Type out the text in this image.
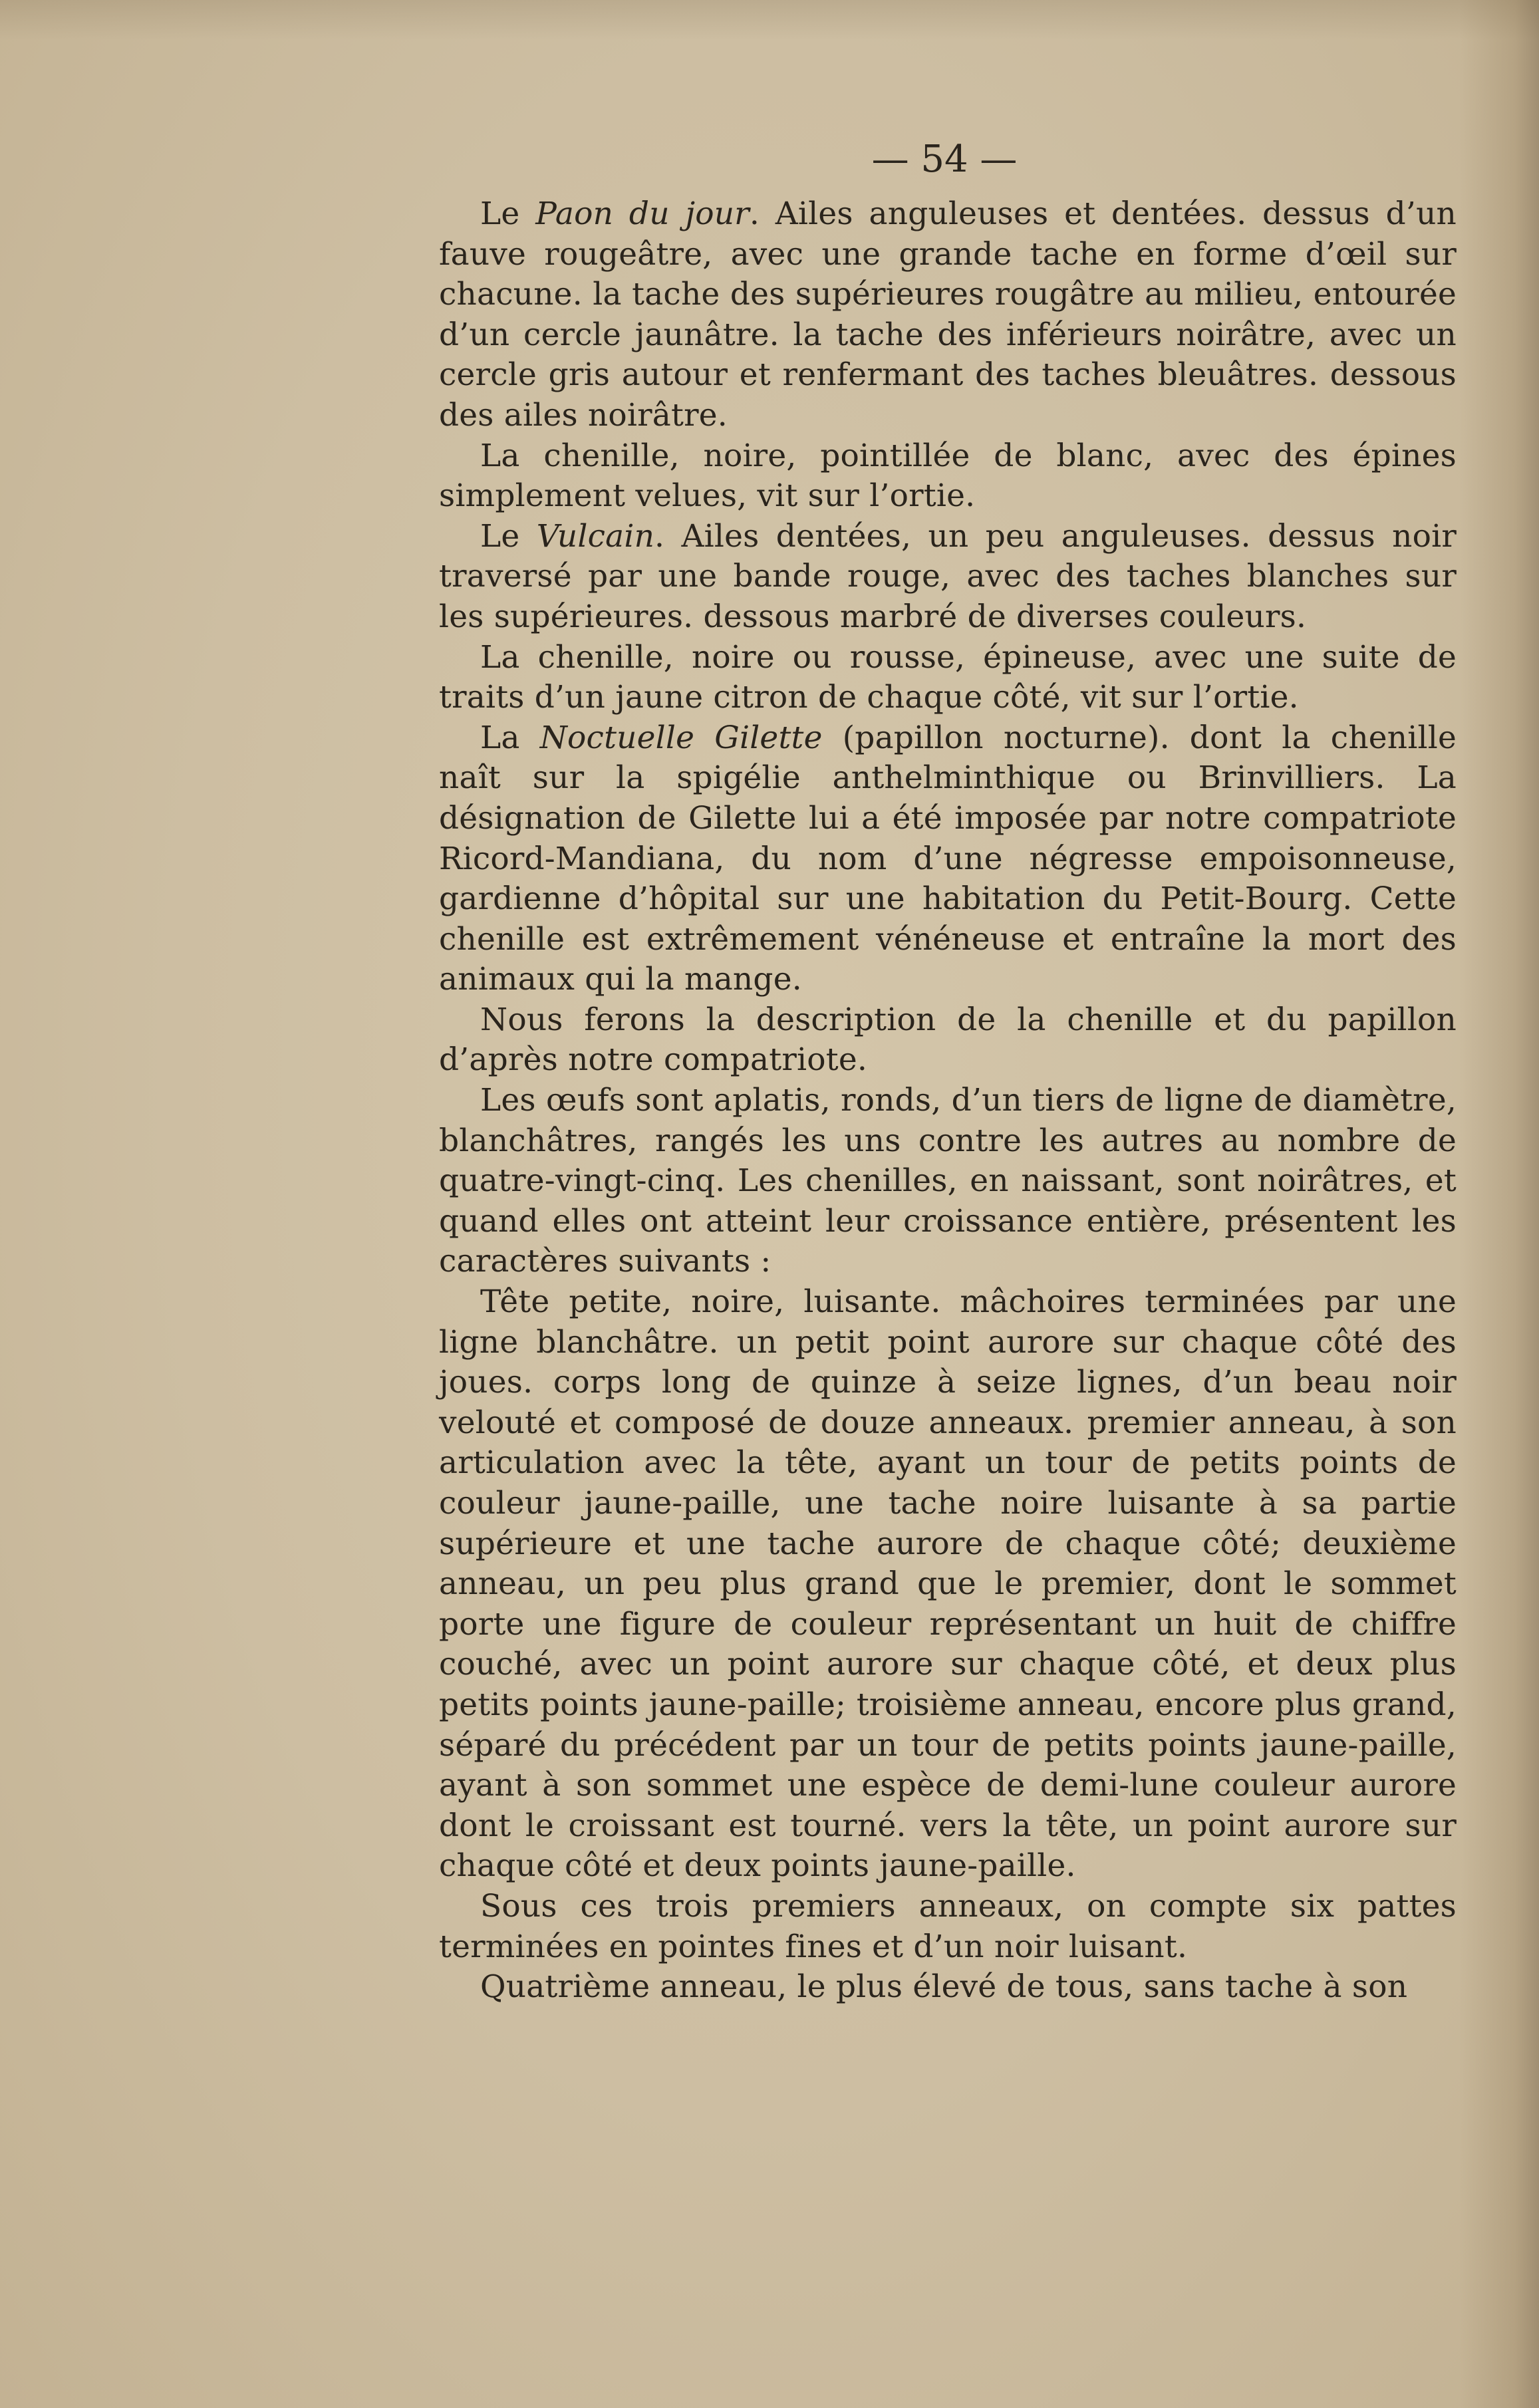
— 54 —

Le Paon du jour. Ailes anguleuses et dentées. dessus d’un fauve rougeâtre, avec une grande tache en forme d’œil sur chacune. la tache des supérieures rougâtre au milieu, entourée d’un cercle jaunâtre. la tache des inférieurs noirâtre, avec un cercle gris autour et renfermant des taches bleuâtres. dessous des ailes noirâtre.

La chenille, noire, pointillée de blanc, avec des épines simplement velues, vit sur l’ortie.

Le Vulcain. Ailes dentées, un peu anguleuses. dessus noir traversé par une bande rouge, avec des taches blanches sur les supérieures. dessous marbré de diverses couleurs.

La chenille, noire ou rousse, épineuse, avec une suite de traits d’un jaune citron de chaque côté, vit sur l’ortie.

La Noctuelle Gilette (papillon nocturne). dont la chenille naît sur la spigélie anthelminthique ou Brinvilliers. La désignation de Gilette lui a été imposée par notre compatriote Ricord-Mandiana, du nom d’une négresse empoisonneuse, gardienne d’hôpital sur une habitation du Petit-Bourg. Cette chenille est extrêmement vénéneuse et entraîne la mort des animaux qui la mange.

Nous ferons la description de la chenille et du papillon d’après notre compatriote.

Les œufs sont aplatis, ronds, d’un tiers de ligne de diamètre, blanchâtres, rangés les uns contre les autres au nombre de quatre-vingt-cinq. Les chenilles, en naissant, sont noirâtres, et quand elles ont atteint leur croissance entière, présentent les caractères suivants :

Tête petite, noire, luisante. mâchoires terminées par une ligne blanchâtre. un petit point aurore sur chaque côté des joues. corps long de quinze à seize lignes, d’un beau noir velouté et composé de douze anneaux. premier anneau, à son articulation avec la tête, ayant un tour de petits points de couleur jaune-paille, une tache noire luisante à sa partie supérieure et une tache aurore de chaque côté; deuxième anneau, un peu plus grand que le premier, dont le sommet porte une figure de couleur représentant un huit de chiffre couché, avec un point aurore sur chaque côté, et deux plus petits points jaune-paille; troisième anneau, encore plus grand, séparé du précédent par un tour de petits points jaune-paille, ayant à son sommet une espèce de demi-lune couleur aurore dont le croissant est tourné. vers la tête, un point aurore sur chaque côté et deux points jaune-paille.

Sous ces trois premiers anneaux, on compte six pattes terminées en pointes fines et d’un noir luisant.

Quatrième anneau, le plus élevé de tous, sans tache à son
